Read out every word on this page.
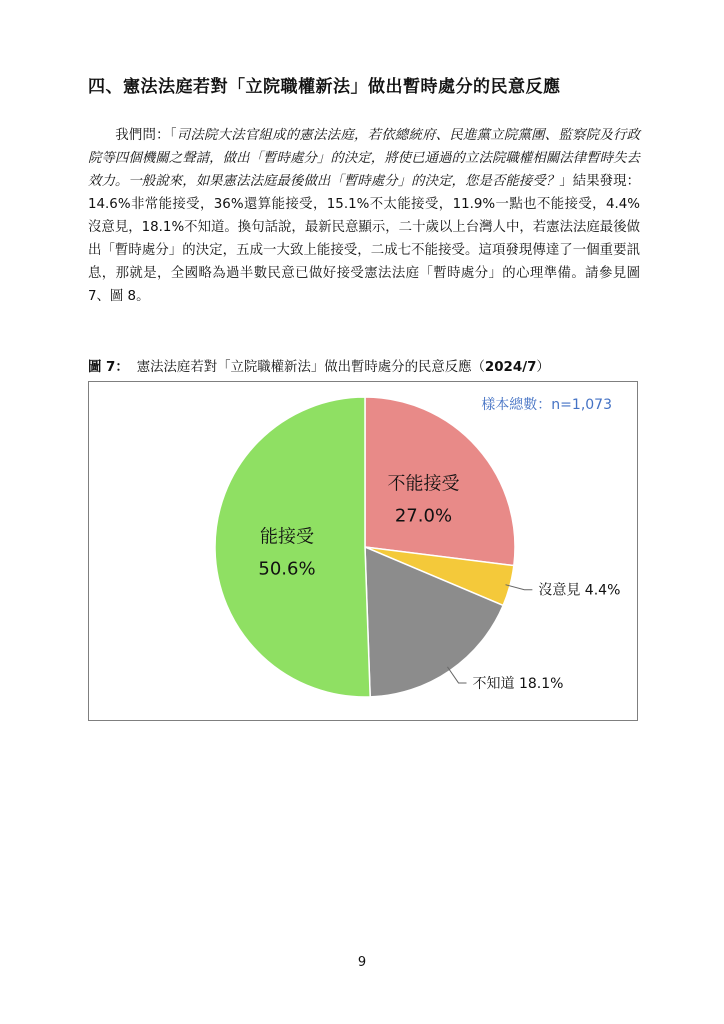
四、憲法法庭若對「立院職權新法」做出暫時處分的民意反應
我們問：「司法院大法官組成的憲法法庭，若依總統府、民進黨立院黨團、監察院及行政院等四個機關之聲請，做出「暫時處分」的決定，將使已通過的立法院職權相關法律暫時失去效力。一般說來，如果憲法法庭最後做出「暫時處分」的決定，您是否能接受？」結果發現：14.6%非常能接受，36%還算能接受，15.1%不太能接受，11.9%一點也不能接受，4.4%沒意見，18.1%不知道。換句話說，最新民意顯示，二十歲以上台灣人中，若憲法法庭最後做出「暫時處分」的決定，五成一大致上能接受，二成七不能接受。這項發現傳達了一個重要訊息，那就是，全國略為過半數民意已做好接受憲法法庭「暫時處分」的心理準備。請參見圖 7、圖 8。
圖 7： 憲法法庭若對「立院職權新法」做出暫時處分的民意反應（2024/7）
樣本總數：n=1,073
不能接受
27.0%
沒意見 4.4%
不知道 18.1%
能接受
50.6%
9
